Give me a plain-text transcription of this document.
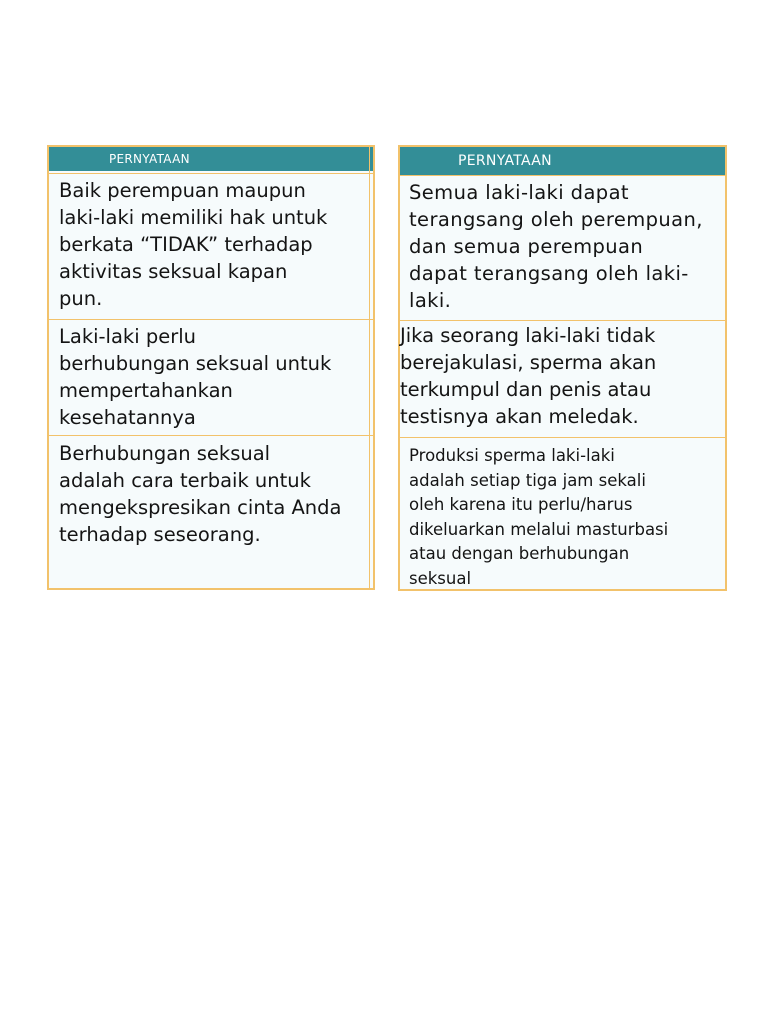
PERNYATAAN

Baik perempuan maupun
laki-laki memiliki hak untuk
berkata “TIDAK” terhadap
aktivitas seksual kapan
pun.

Laki-laki perlu
berhubungan seksual untuk
mempertahankan
kesehatannya

Berhubungan seksual
adalah cara terbaik untuk
mengekspresikan cinta Anda
terhadap seseorang.

PERNYATAAN

Semua laki-laki dapat
terangsang oleh perempuan,
dan semua perempuan
dapat terangsang oleh laki-
laki.

Jika seorang laki-laki tidak
berejakulasi, sperma akan
terkumpul dan penis atau
testisnya akan meledak.

Produksi sperma laki-laki
adalah setiap tiga jam sekali
oleh karena itu perlu/harus
dikeluarkan melalui masturbasi
atau dengan berhubungan
seksual
